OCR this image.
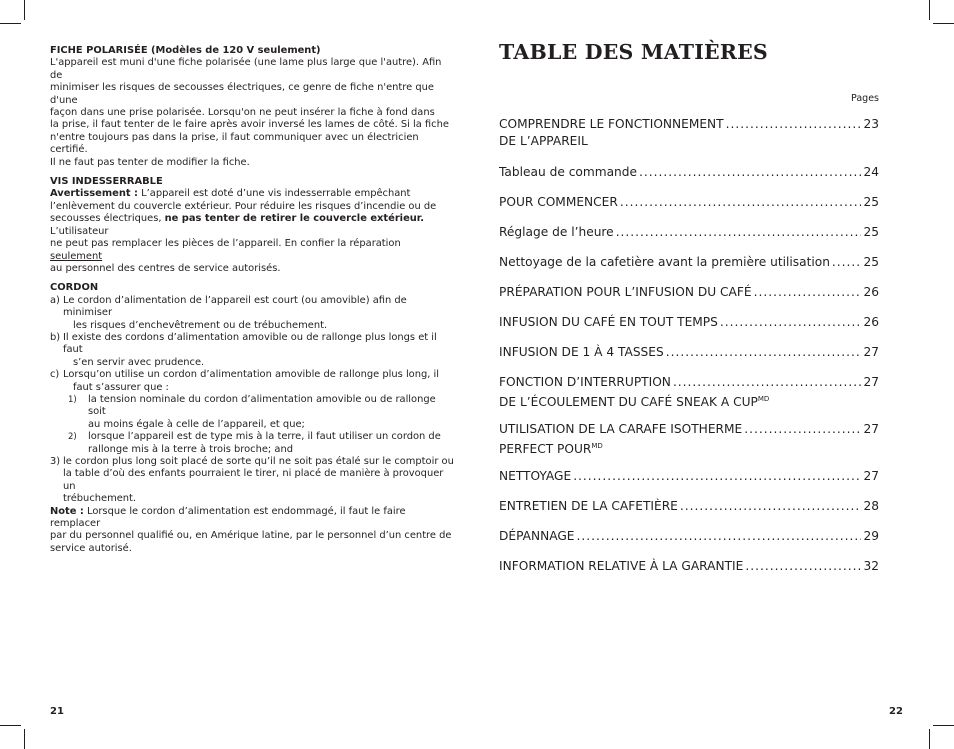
FICHE POLARISÉE (Modèles de 120 V seulement)

L'appareil est muni d'une fiche polarisée (une lame plus large que l'autre). Afin de

minimiser les risques de secousses électriques, ce genre de fiche n'entre que d'une

façon dans une prise polarisée. Lorsqu'on ne peut insérer la fiche à fond dans

la prise, il faut tenter de le faire après avoir inversé les lames de côté. Si la fiche

n'entre toujours pas dans la prise, il faut communiquer avec un électricien certifié.

Il ne faut pas tenter de modifier la fiche.

VIS INDESSERRABLE

Avertissement : L’appareil est doté d’une vis indesserrable empêchant

l’enlèvement du couvercle extérieur. Pour réduire les risques d’incendie ou de

secousses électriques, ne pas tenter de retirer le couvercle extérieur. L’utilisateur

ne peut pas remplacer les pièces de l’appareil. En confier la réparation seulement

au personnel des centres de service autorisés.

CORDON

a) Le cordon d’alimentation de l’appareil est court (ou amovible) afin de minimiser
les risques d’enchevêtrement ou de trébuchement.
b) Il existe des cordons d’alimentation amovible ou de rallonge plus longs et il faut
s’en servir avec prudence.
c) Lorsqu’on utilise un cordon d’alimentation amovible de rallonge plus long, il
faut s’assurer que :
1)	la tension nominale du cordon d’alimentation amovible ou de rallonge soit
au moins égale à celle de l’appareil, et que;
2)	lorsque l’appareil est de type mis à la terre, il faut utiliser un cordon de
rallonge mis à la terre à trois broche; and
3) le cordon plus long soit placé de sorte qu’il ne soit pas étalé sur le comptoir ou
la table d’où des enfants pourraient le tirer, ni placé de manière à provoquer un
trébuchement.

Note : Lorsque le cordon d’alimentation est endommagé, il faut le faire remplacer

par du personnel qualifié ou, en Amérique latine, par le personnel d’un centre de

service autorisé.

21
TABLE DES MATIÈRES
Pages
COMPRENDRE LE FONCTIONNEMENT .....	23
DE L’APPAREIL
Tableau de commande .....	24
POUR COMMENCER .....	25
Réglage de l’heure .....	25
Nettoyage de la cafetière avant la première utilisation .....	25
PRÉPARATION POUR L’INFUSION DU CAFÉ .....	26
INFUSION DU CAFÉ EN TOUT TEMPS .....	26
INFUSION DE 1 À 4 TASSES .....	27
FONCTION D’INTERRUPTION .....	27
DE L’ÉCOULEMENT DU CAFÉ SNEAK A $CUP^{MD}$
UTILISATION DE LA CARAFE ISOTHERME .....	27
PERFECT $POUR^{MD}$
NETTOYAGE .....	27
ENTRETIEN DE LA CAFETIÈRE .....	28
DÉPANNAGE .....	29
INFORMATION RELATIVE À LA GARANTIE .....	32
22
